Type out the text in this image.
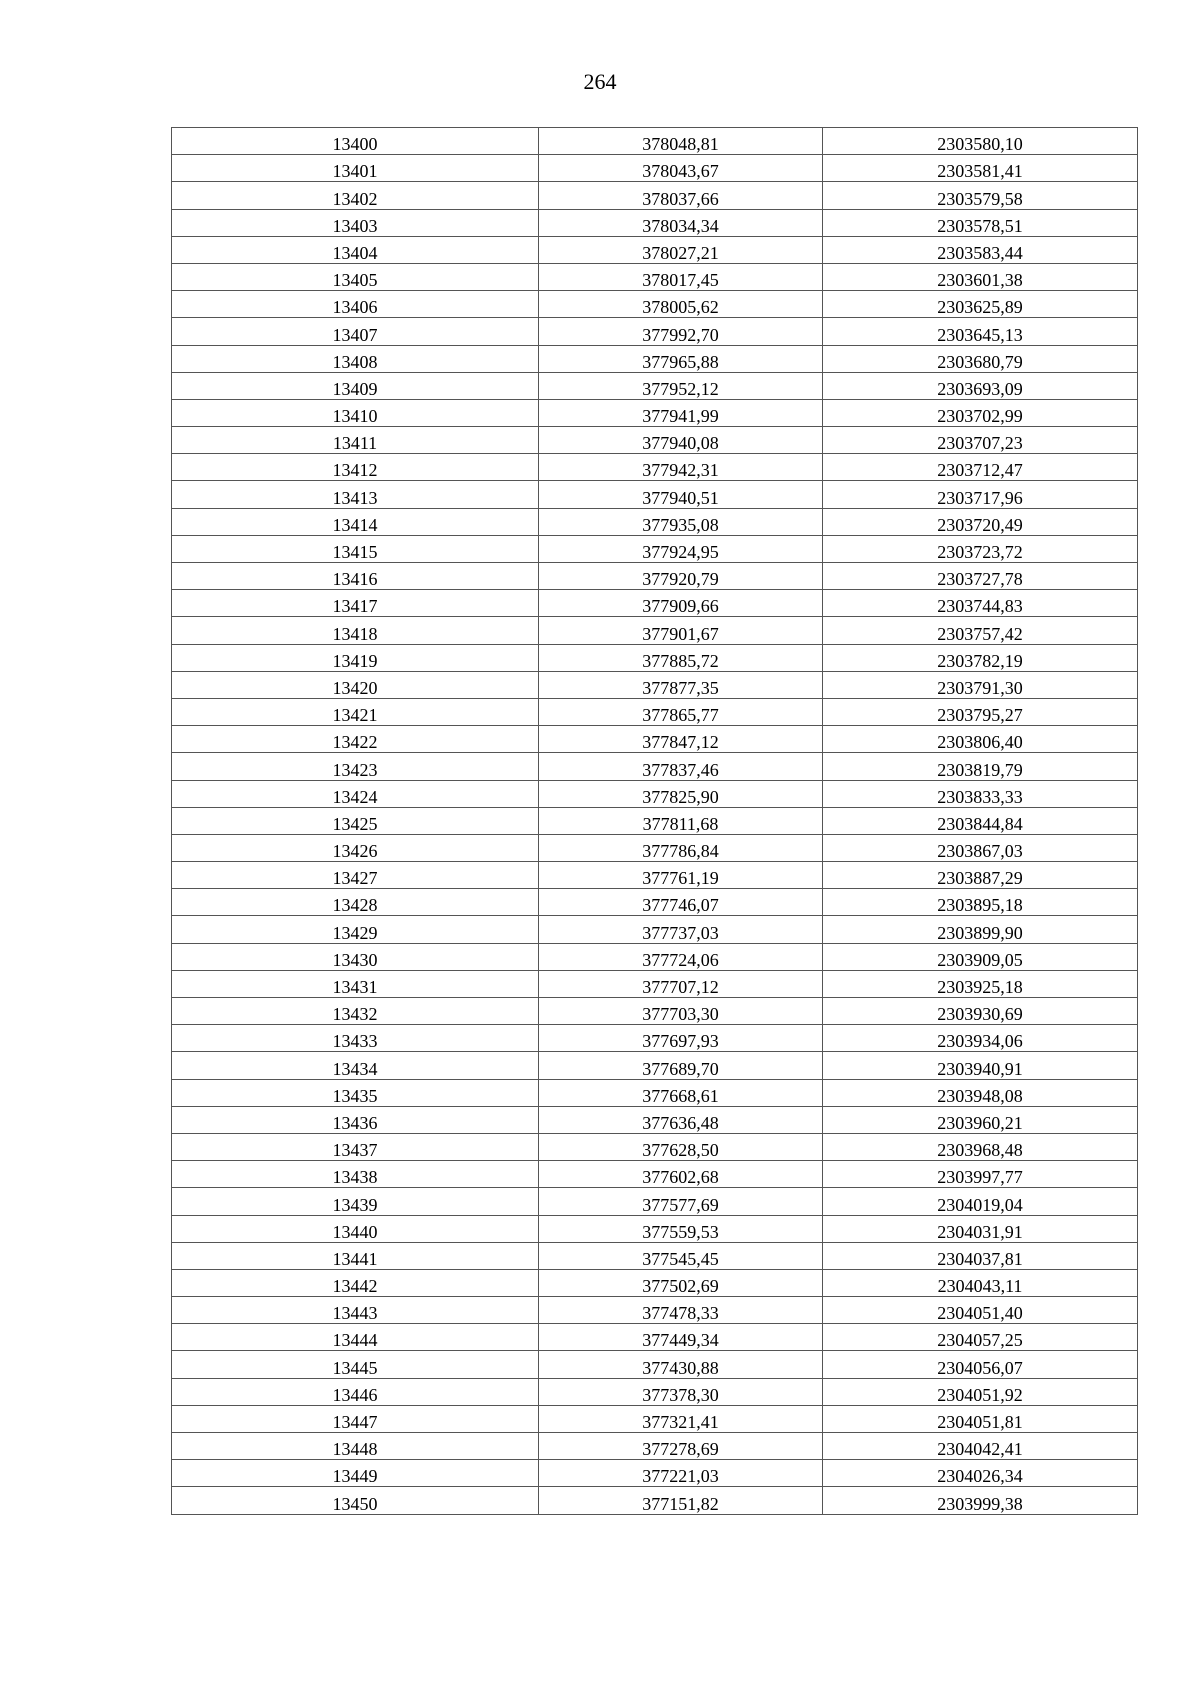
264
13400	378048,81	2303580,10
13401	378043,67	2303581,41
13402	378037,66	2303579,58
13403	378034,34	2303578,51
13404	378027,21	2303583,44
13405	378017,45	2303601,38
13406	378005,62	2303625,89
13407	377992,70	2303645,13
13408	377965,88	2303680,79
13409	377952,12	2303693,09
13410	377941,99	2303702,99
13411	377940,08	2303707,23
13412	377942,31	2303712,47
13413	377940,51	2303717,96
13414	377935,08	2303720,49
13415	377924,95	2303723,72
13416	377920,79	2303727,78
13417	377909,66	2303744,83
13418	377901,67	2303757,42
13419	377885,72	2303782,19
13420	377877,35	2303791,30
13421	377865,77	2303795,27
13422	377847,12	2303806,40
13423	377837,46	2303819,79
13424	377825,90	2303833,33
13425	377811,68	2303844,84
13426	377786,84	2303867,03
13427	377761,19	2303887,29
13428	377746,07	2303895,18
13429	377737,03	2303899,90
13430	377724,06	2303909,05
13431	377707,12	2303925,18
13432	377703,30	2303930,69
13433	377697,93	2303934,06
13434	377689,70	2303940,91
13435	377668,61	2303948,08
13436	377636,48	2303960,21
13437	377628,50	2303968,48
13438	377602,68	2303997,77
13439	377577,69	2304019,04
13440	377559,53	2304031,91
13441	377545,45	2304037,81
13442	377502,69	2304043,11
13443	377478,33	2304051,40
13444	377449,34	2304057,25
13445	377430,88	2304056,07
13446	377378,30	2304051,92
13447	377321,41	2304051,81
13448	377278,69	2304042,41
13449	377221,03	2304026,34
13450	377151,82	2303999,38
